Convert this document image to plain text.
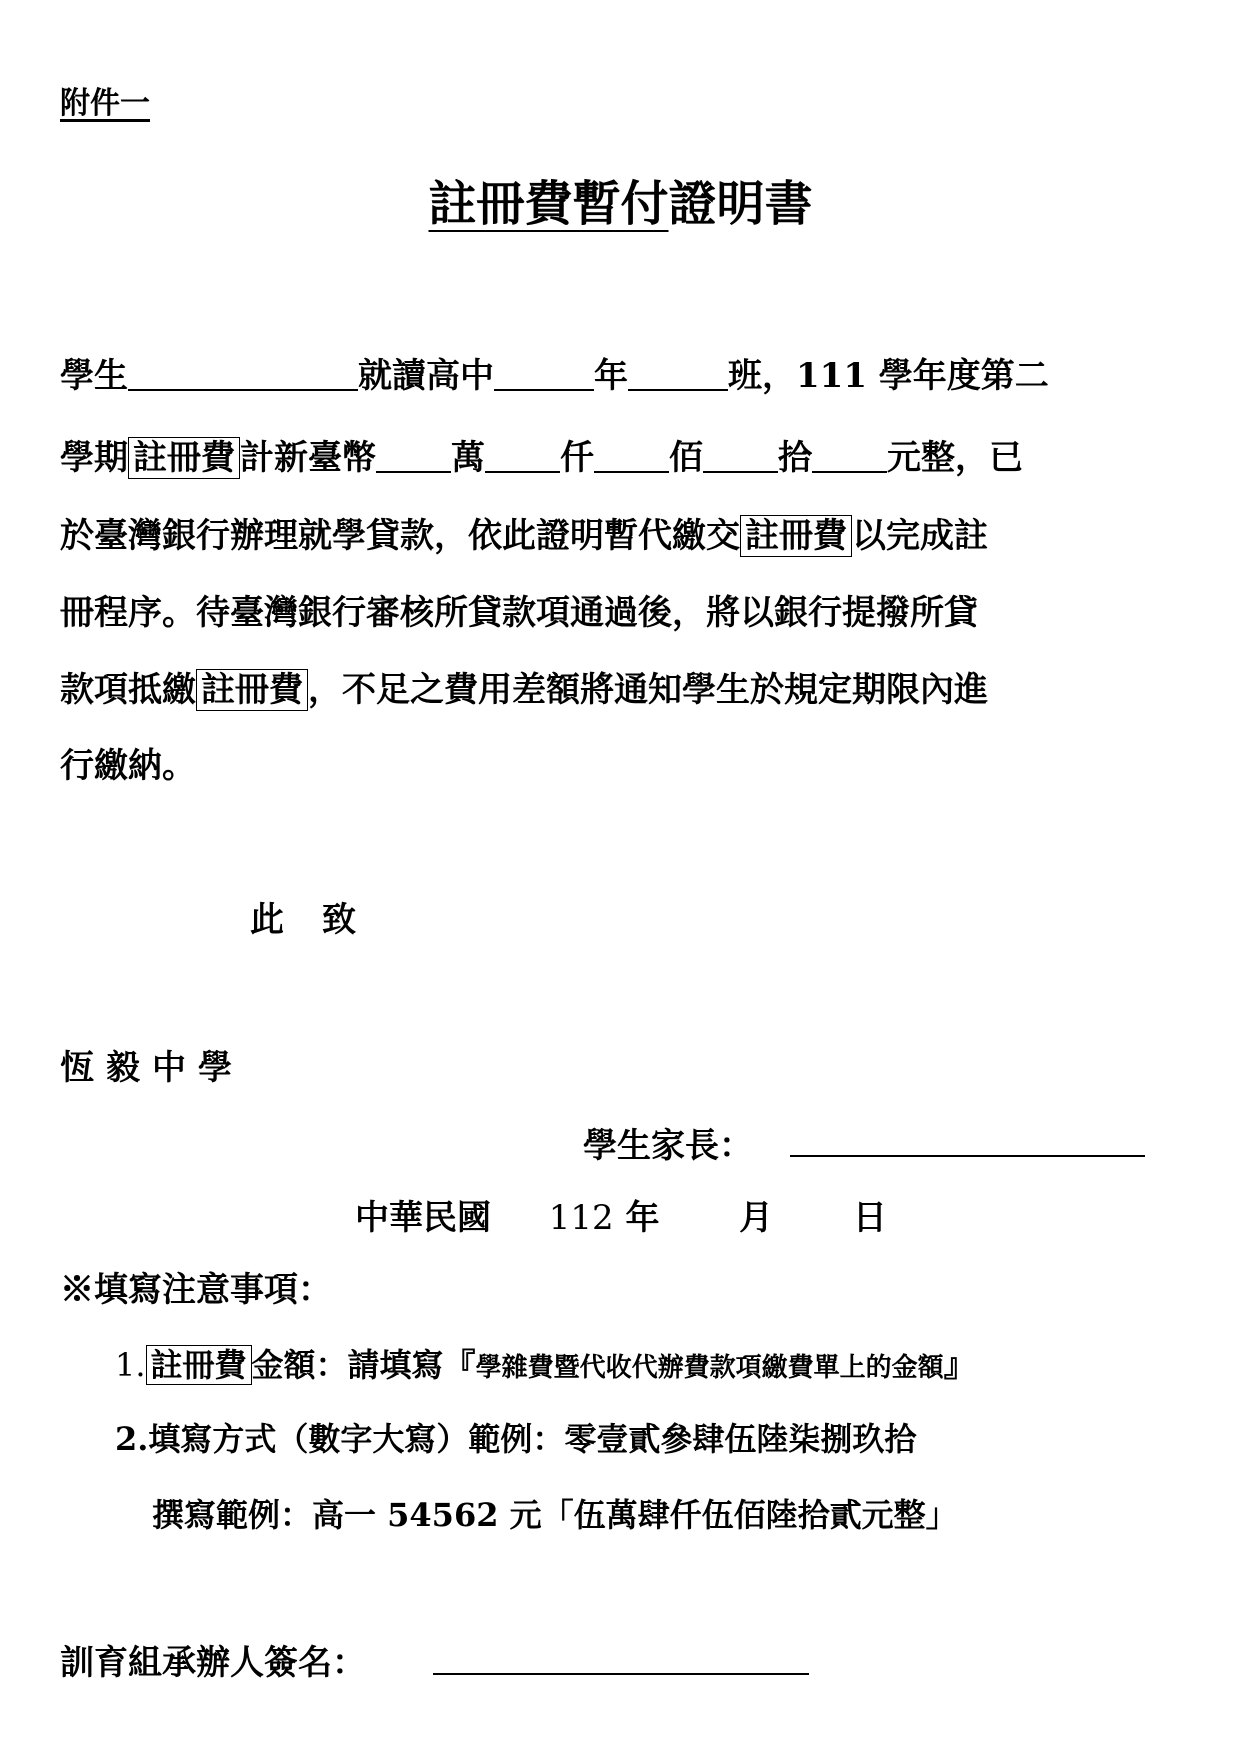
附件一
註冊費暫付證明書
學生	就讀高中	年	班，111 學年度第二
學期 註冊費 計新臺幣 萬 仟 佰 拾 元整，已
於臺灣銀行辦理就學貸款，依此證明暫代繳交 註冊費 以完成註
冊程序。待臺灣銀行審核所貸款項通過後，將以銀行提撥所貸
款項抵繳 註冊費 ，不足之費用差額將通知學生於規定期限內進
行繳納。
此　致
恆毅中學
學生家長：
中華民國 112 年 月 日
※填寫注意事項：
1. 註冊費 金額：請填寫『學雜費暨代收代辦費款項繳費單上的金額』
2.填寫方式（數字大寫）範例：零壹貳參肆伍陸柒捌玖拾
撰寫範例：高一 54562 元「伍萬肆仟伍佰陸拾貳元整」
訓育組承辦人簽名：
